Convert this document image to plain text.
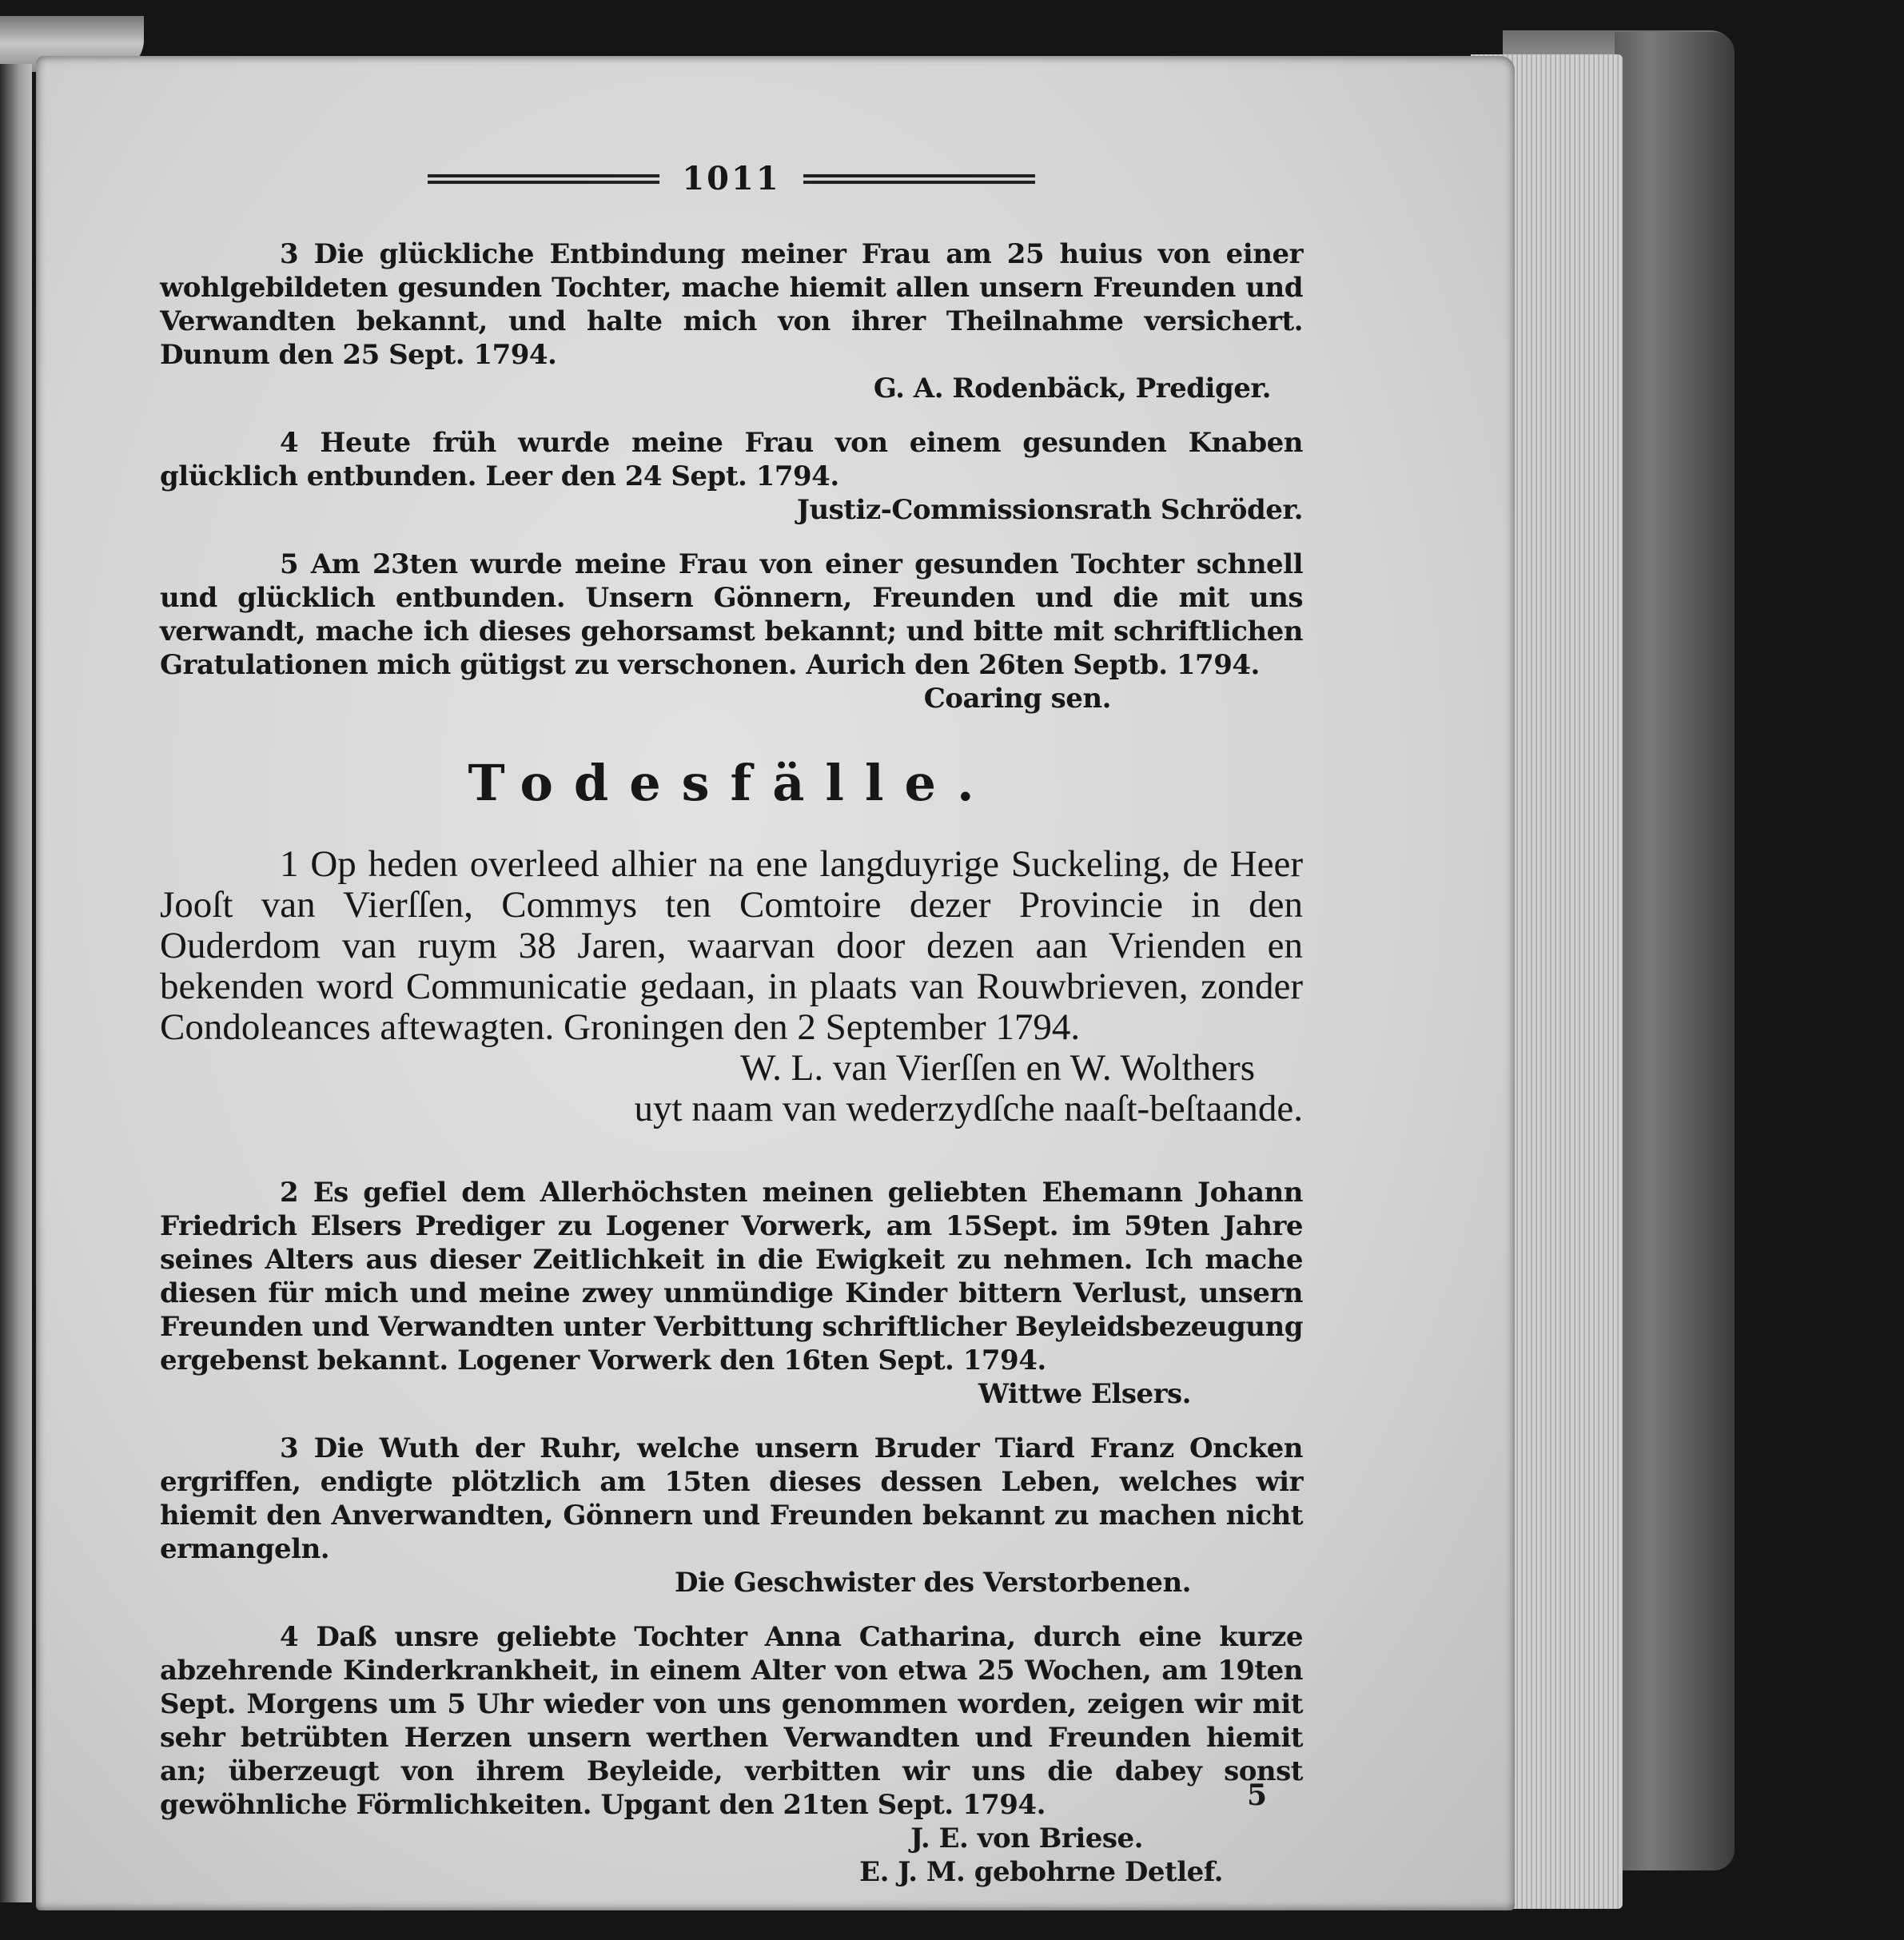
1011

3 Die glückliche Entbindung meiner Frau am 25 huius von einer wohlgebildeten gesunden Tochter, mache hiemit allen unsern Freunden und Verwandten bekannt, und halte mich von ihrer Theilnahme versichert. Dunum den 25 Sept. 1794.

G. A. Rodenbäck, Prediger.

4 Heute früh wurde meine Frau von einem gesunden Knaben glücklich entbunden. Leer den 24 Sept. 1794.

Justiz-Commissionsrath Schröder.

5 Am 23ten wurde meine Frau von einer gesunden Tochter schnell und glücklich entbunden. Unsern Gönnern, Freunden und die mit uns verwandt, mache ich dieses gehorsamst bekannt; und bitte mit schriftlichen Gratulationen mich gütigst zu verschonen. Aurich den 26ten Septb. 1794.

Coaring sen.

Todesfälle.

1 Op heden overleed alhier na ene langduyrige Suckeling, de Heer Jooſt van Vierſſen, Commys ten Comtoire dezer Provincie in den Ouderdom van ruym 38 Jaren, waarvan door dezen aan Vrienden en bekenden word Communicatie gedaan, in plaats van Rouwbrieven, zonder Condoleances aftewagten. Groningen den 2 September 1794.

W. L. van Vierſſen en W. Wolthers

uyt naam van wederzydſche naaſt-beſtaande.

2 Es gefiel dem Allerhöchsten meinen geliebten Ehemann Johann Friedrich Elsers Prediger zu Logener Vorwerk, am 15Sept. im 59ten Jahre seines Alters aus dieser Zeitlichkeit in die Ewigkeit zu nehmen. Ich mache diesen für mich und meine zwey unmündige Kinder bittern Verlust, unsern Freunden und Verwandten unter Verbittung schriftlicher Beyleidsbezeugung ergebenst bekannt. Logener Vorwerk den 16ten Sept. 1794.

Wittwe Elsers.

3 Die Wuth der Ruhr, welche unsern Bruder Tiard Franz Oncken ergriffen, endigte plötzlich am 15ten dieses dessen Leben, welches wir hiemit den Anverwandten, Gönnern und Freunden bekannt zu machen nicht ermangeln.

Die Geschwister des Verstorbenen.

4 Daß unsre geliebte Tochter Anna Catharina, durch eine kurze abzehrende Kinderkrankheit, in einem Alter von etwa 25 Wochen, am 19ten Sept. Morgens um 5 Uhr wieder von uns genommen worden, zeigen wir mit sehr betrübten Herzen unsern werthen Verwandten und Freunden hiemit an; überzeugt von ihrem Beyleide, verbitten wir uns die dabey sonst gewöhnliche Förmlichkeiten. Upgant den 21ten Sept. 1794.

J. E. von Briese.

E. J. M. gebohrne Detlef.

5
